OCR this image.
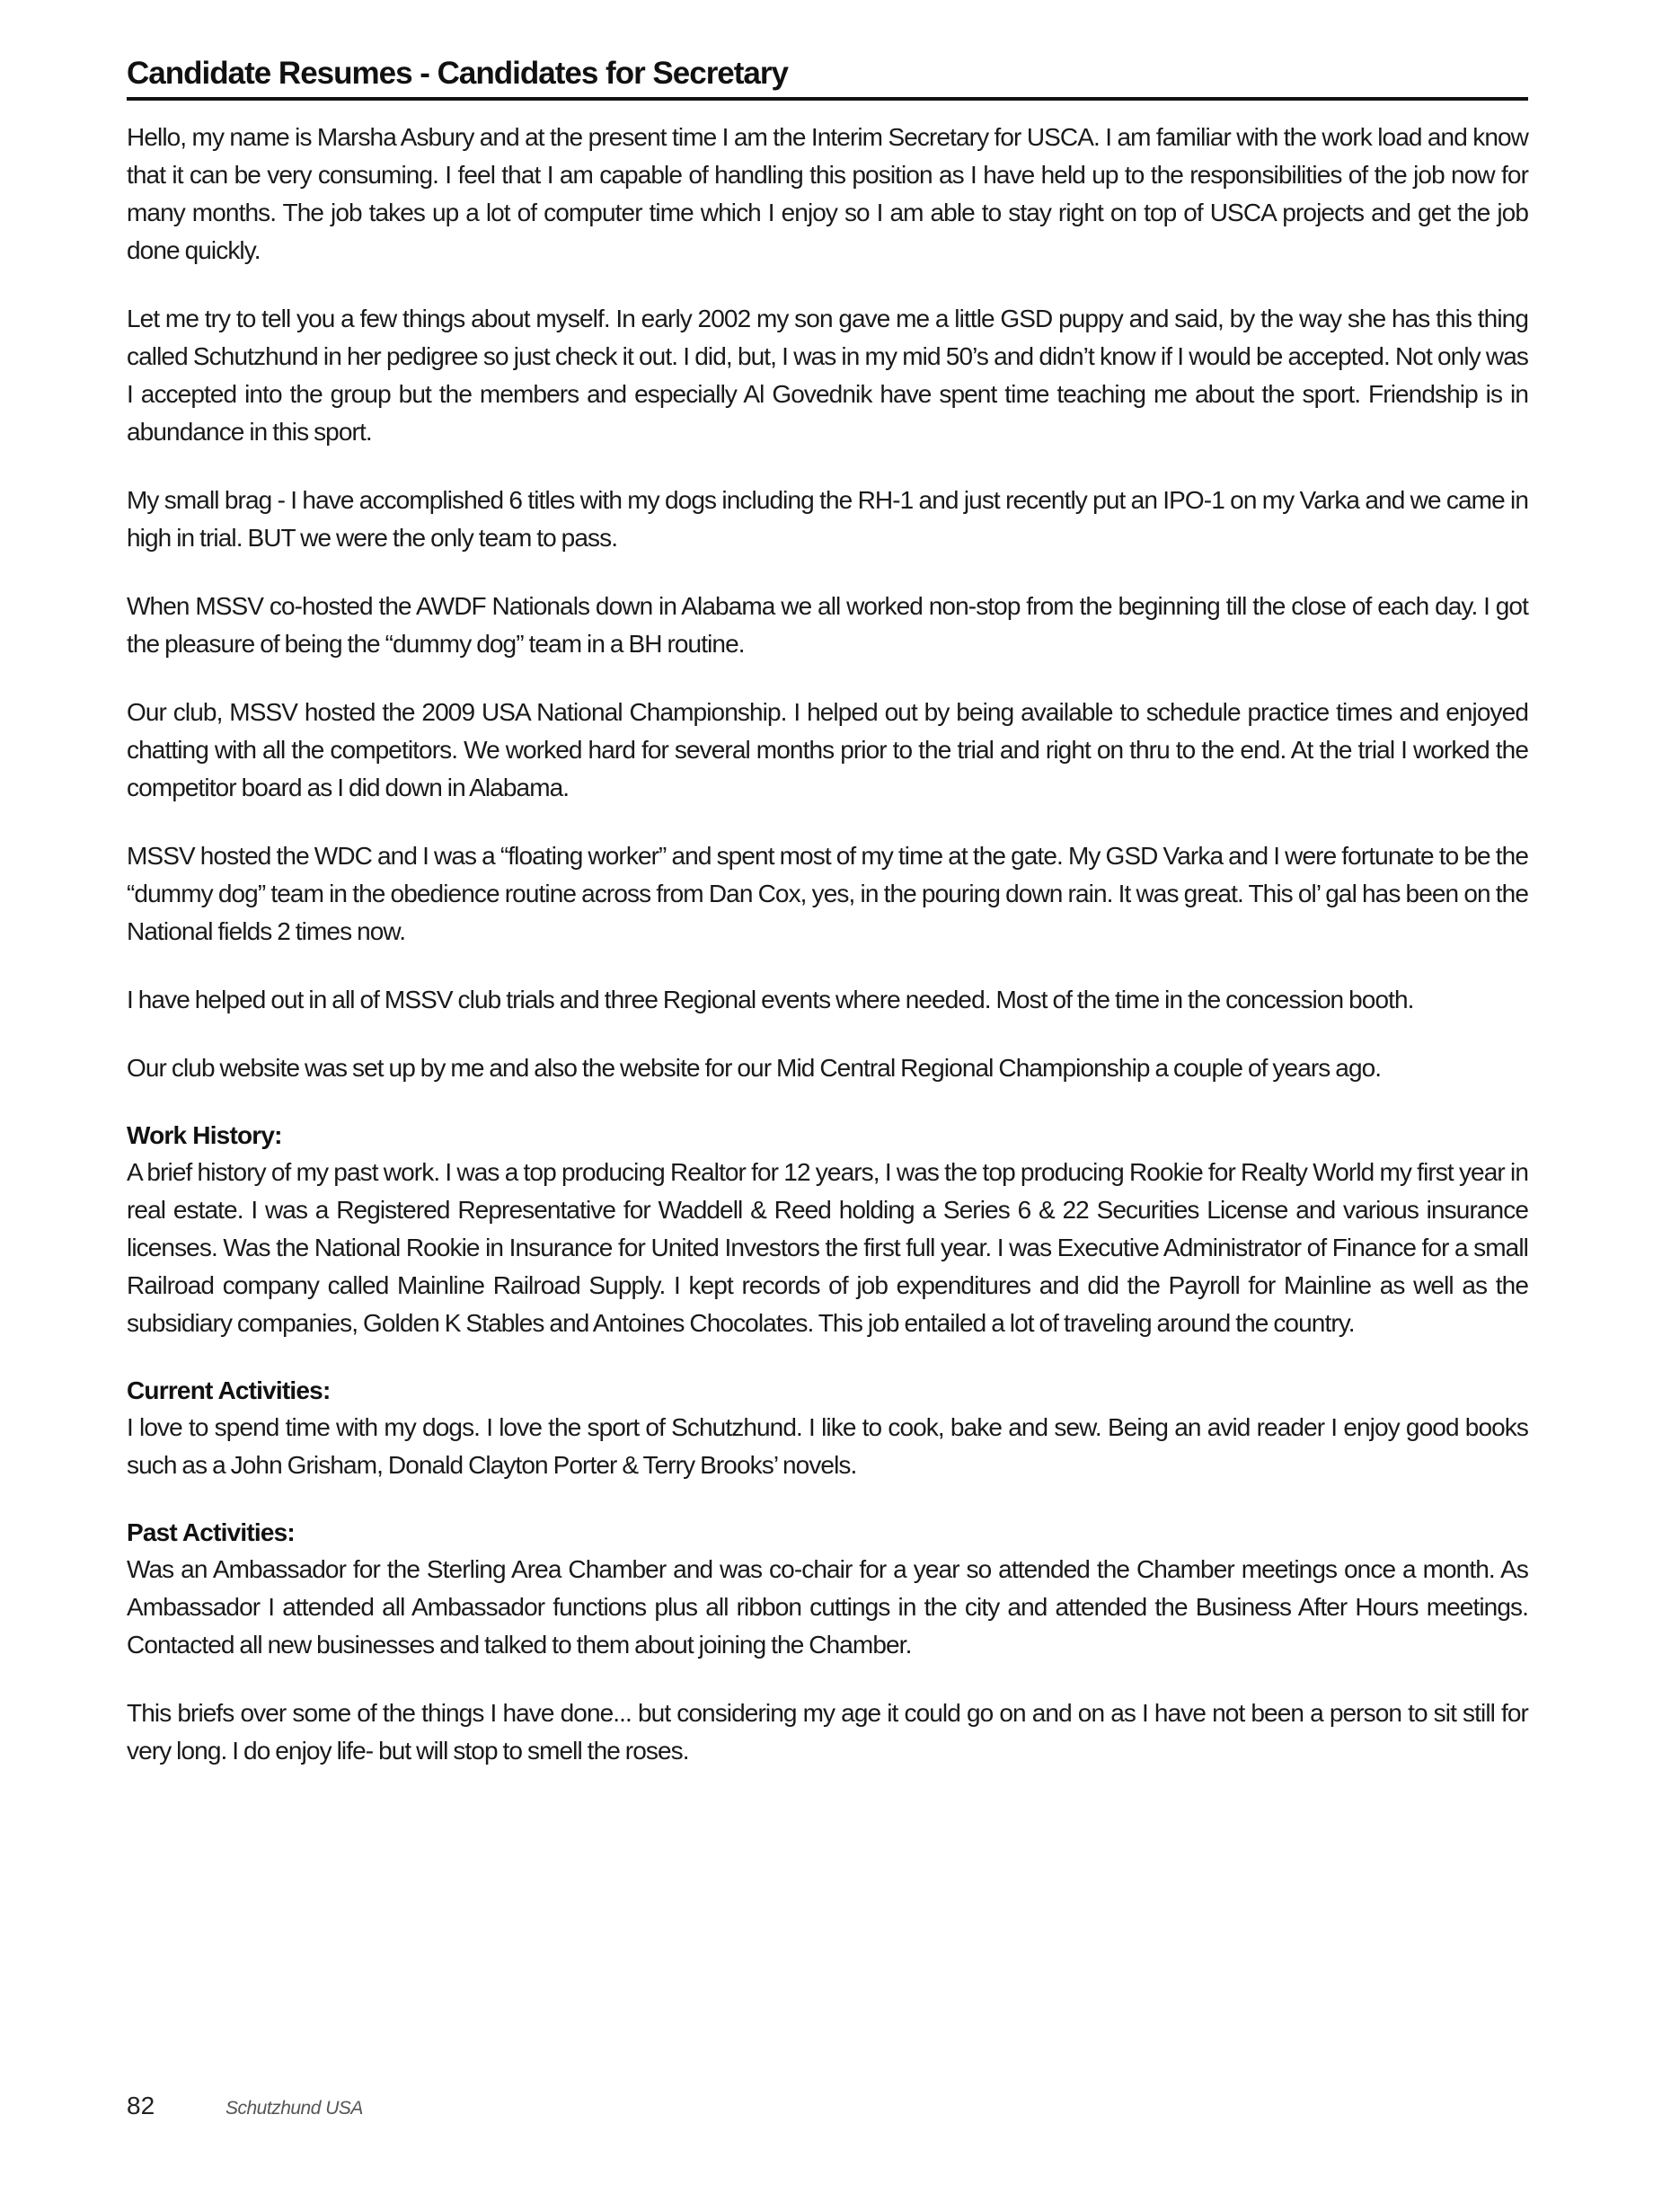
Candidate Resumes - Candidates for Secretary

Hello, my name is Marsha Asbury and at the present time I am the Interim Secretary for USCA. I am familiar with the work load and know that it can be very consuming. I feel that I am capable of handling this position as I have held up to the responsibilities of the job now for many months. The job takes up a lot of computer time which I enjoy so I am able to stay right on top of USCA projects and get the job done quickly.

Let me try to tell you a few things about myself. In early 2002 my son gave me a little GSD puppy and said, by the way she has this thing called Schutzhund in her pedigree so just check it out. I did, but, I was in my mid 50’s and didn’t know if I would be accepted. Not only was I accepted into the group but the members and especially Al Govednik have spent time teaching me about the sport. Friendship is in abundance in this sport.

My small brag - I have accomplished 6 titles with my dogs including the RH-1 and just recently put an IPO-1 on my Varka and we came in high in trial. BUT we were the only team to pass.

When MSSV co-hosted the AWDF Nationals down in Alabama we all worked non-stop from the beginning till the close of each day. I got the pleasure of being the “dummy dog” team in a BH routine.

Our club, MSSV hosted the 2009 USA National Championship. I helped out by being available to schedule practice times and enjoyed chatting with all the competitors. We worked hard for several months prior to the trial and right on thru to the end. At the trial I worked the competitor board as I did down in Alabama.

MSSV hosted the WDC and I was a “floating worker” and spent most of my time at the gate. My GSD Varka and I were fortunate to be the “dummy dog” team in the obedience routine across from Dan Cox, yes, in the pouring down rain. It was great. This ol’ gal has been on the National fields 2 times now.

I have helped out in all of MSSV club trials and three Regional events where needed. Most of the time in the concession booth.

Our club website was set up by me and also the website for our Mid Central Regional Championship a couple of years ago.

Work History:

A brief history of my past work. I was a top producing Realtor for 12 years, I was the top producing Rookie for Realty World my first year in real estate. I was a Registered Representative for Waddell & Reed holding a Series 6 & 22 Securities License and various insurance licenses. Was the National Rookie in Insurance for United Investors the first full year. I was Executive Administrator of Finance for a small Railroad company called Mainline Railroad Supply. I kept records of job expenditures and did the Payroll for Mainline as well as the subsidiary companies, Golden K Stables and Antoines Chocolates. This job entailed a lot of traveling around the country.

Current Activities:

I love to spend time with my dogs. I love the sport of Schutzhund. I like to cook, bake and sew. Being an avid reader I enjoy good books such as a John Grisham, Donald Clayton Porter & Terry Brooks’ novels.

Past Activities:

Was an Ambassador for the Sterling Area Chamber and was co-chair for a year so attended the Chamber meetings once a month. As Ambassador I attended all Ambassador functions plus all ribbon cuttings in the city and attended the Business After Hours meetings. Contacted all new businesses and talked to them about joining the Chamber.

This briefs over some of the things I have done... but considering my age it could go on and on as I have not been a person to sit still for very long. I do enjoy life- but will stop to smell the roses.

82	Schutzhund USA
